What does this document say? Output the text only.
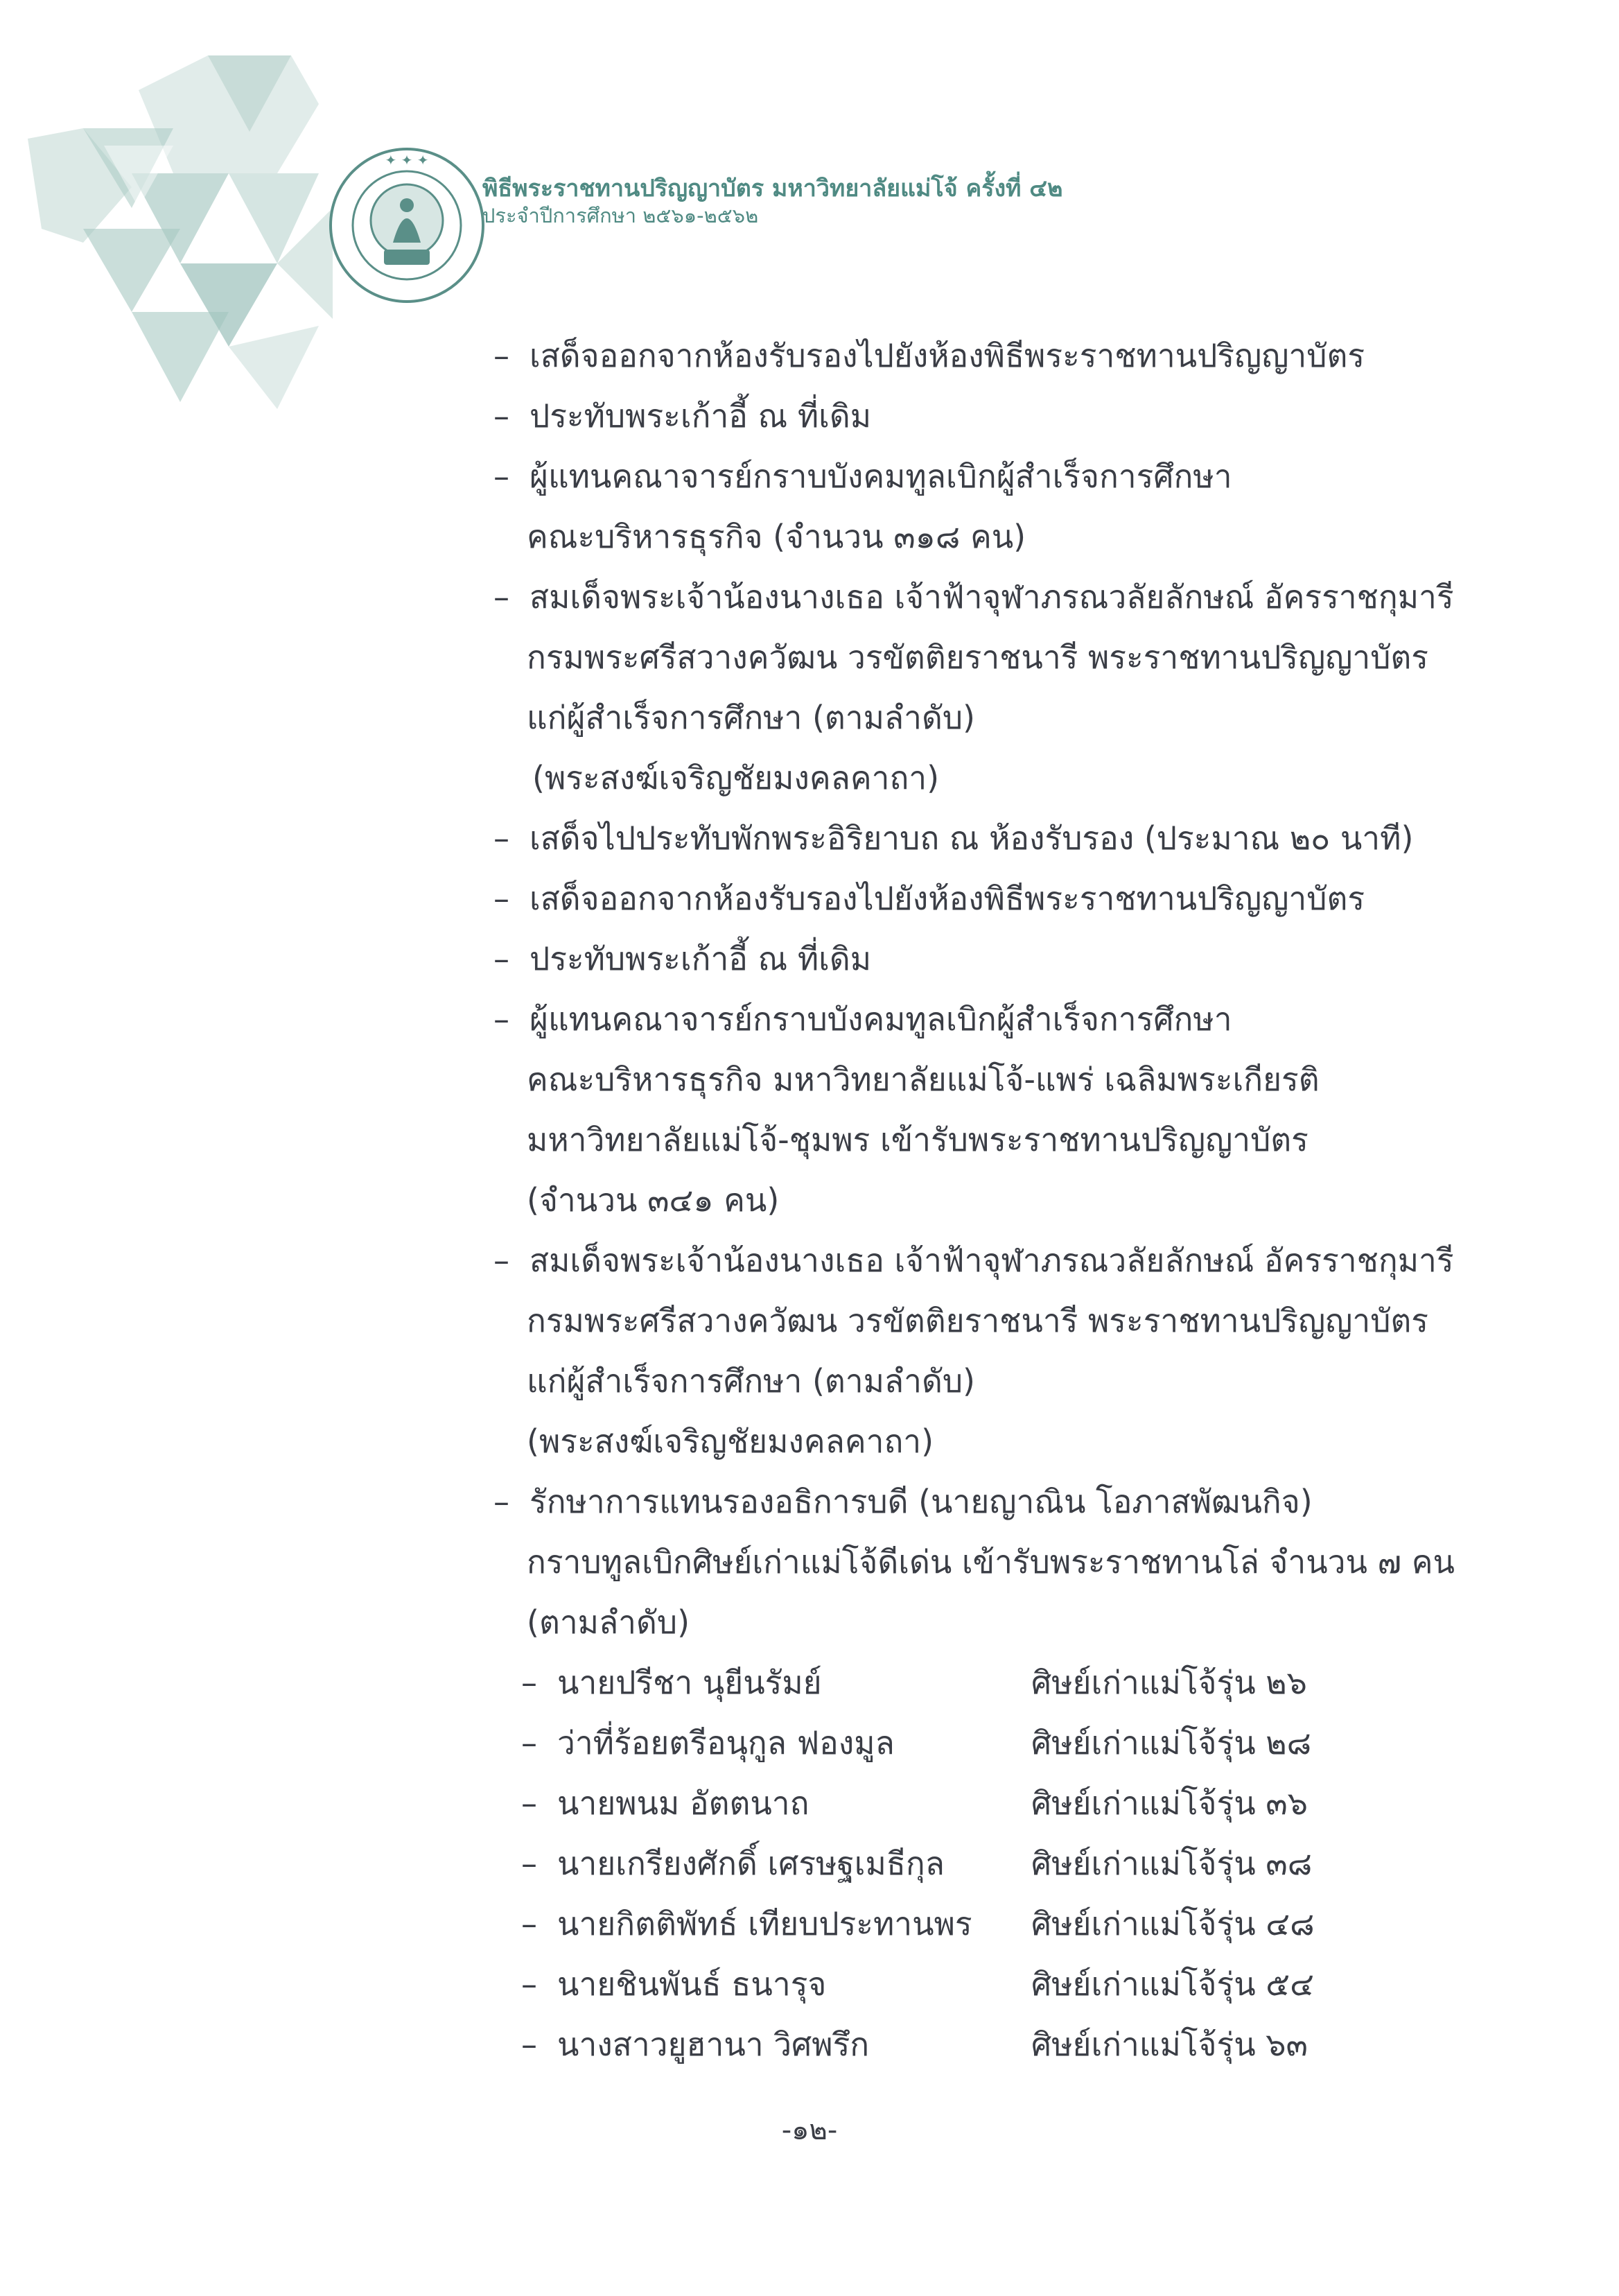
✦ ✦ ✦
พิธีพระราชทานปริญญาบัตร มหาวิทยาลัยแม่โจ้ ครั้งที่ ๔๒
ประจำปีการศึกษา ๒๕๖๑-๒๕๖๒
– เสด็จออกจากห้องรับรองไปยังห้องพิธีพระราชทานปริญญาบัตร
– ประทับพระเก้าอี้ ณ ที่เดิม
– ผู้แทนคณาจารย์กราบบังคมทูลเบิกผู้สำเร็จการศึกษา
คณะบริหารธุรกิจ (จำนวน ๓๑๘ คน)
– สมเด็จพระเจ้าน้องนางเธอ เจ้าฟ้าจุฬาภรณวลัยลักษณ์ อัครราชกุมารี
กรมพระศรีสวางควัฒน วรขัตติยราชนารี พระราชทานปริญญาบัตร
แก่ผู้สำเร็จการศึกษา (ตามลำดับ)
(พระสงฆ์เจริญชัยมงคลคาถา)
– เสด็จไปประทับพักพระอิริยาบถ ณ ห้องรับรอง (ประมาณ ๒๐ นาที)
– เสด็จออกจากห้องรับรองไปยังห้องพิธีพระราชทานปริญญาบัตร
– ประทับพระเก้าอี้ ณ ที่เดิม
– ผู้แทนคณาจารย์กราบบังคมทูลเบิกผู้สำเร็จการศึกษา
คณะบริหารธุรกิจ มหาวิทยาลัยแม่โจ้-แพร่ เฉลิมพระเกียรติ
มหาวิทยาลัยแม่โจ้-ชุมพร เข้ารับพระราชทานปริญญาบัตร
(จำนวน ๓๔๑ คน)
– สมเด็จพระเจ้าน้องนางเธอ เจ้าฟ้าจุฬาภรณวลัยลักษณ์ อัครราชกุมารี
กรมพระศรีสวางควัฒน วรขัตติยราชนารี พระราชทานปริญญาบัตร
แก่ผู้สำเร็จการศึกษา (ตามลำดับ)
(พระสงฆ์เจริญชัยมงคลคาถา)
– รักษาการแทนรองอธิการบดี (นายญาณิน โอภาสพัฒนกิจ)
กราบทูลเบิกศิษย์เก่าแม่โจ้ดีเด่น เข้ารับพระราชทานโล่ จำนวน ๗ คน
(ตามลำดับ)
– นายปรีชา นุยีนรัมย์	ศิษย์เก่าแม่โจ้รุ่น ๒๖
– ว่าที่ร้อยตรีอนุกูล ฟองมูล	ศิษย์เก่าแม่โจ้รุ่น ๒๘
– นายพนม อัตตนาถ	ศิษย์เก่าแม่โจ้รุ่น ๓๖
– นายเกรียงศักดิ์ เศรษฐเมธีกุล	ศิษย์เก่าแม่โจ้รุ่น ๓๘
– นายกิตติพัทธ์ เทียบประทานพร ศิษย์เก่าแม่โจ้รุ่น ๔๘
– นายชินพันธ์ ธนารุจ	ศิษย์เก่าแม่โจ้รุ่น ๕๔
– นางสาวยูฮานา วิศพรึก	ศิษย์เก่าแม่โจ้รุ่น ๖๓
-๑๒-
